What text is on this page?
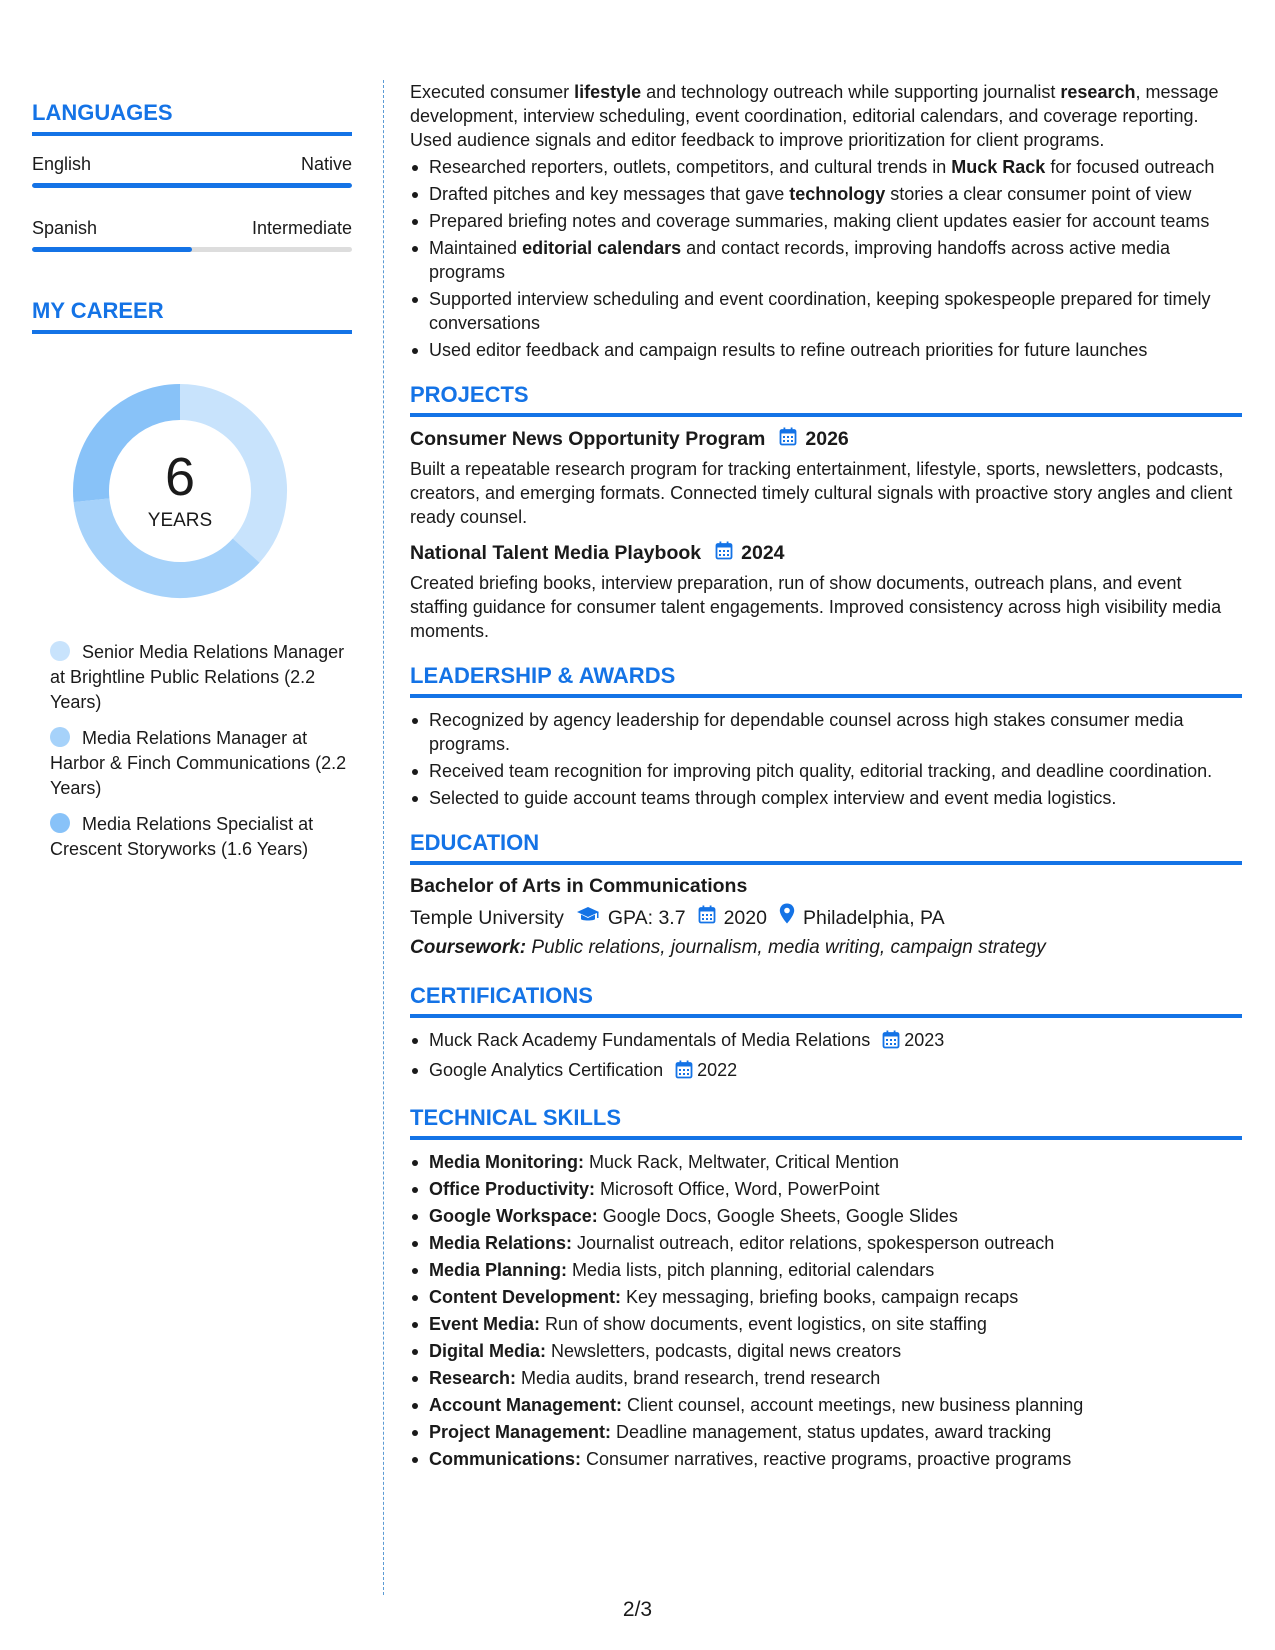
LANGUAGES
English	Native
Spanish	Intermediate
MY CAREER
6
YEARS
Senior Media Relations Manager at Brightline Public Relations (2.2 Years)
Media Relations Manager at Harbor & Finch Communications (2.2 Years)
Media Relations Specialist at Crescent Storyworks (1.6 Years)
Executed consumer lifestyle and technology outreach while supporting journalist research, message development, interview scheduling, event coordination, editorial calendars, and coverage reporting. Used audience signals and editor feedback to improve prioritization for client programs.
Researched reporters, outlets, competitors, and cultural trends in Muck Rack for focused outreach
Drafted pitches and key messages that gave technology stories a clear consumer point of view
Prepared briefing notes and coverage summaries, making client updates easier for account teams
Maintained editorial calendars and contact records, improving handoffs across active media programs
Supported interview scheduling and event coordination, keeping spokespeople prepared for timely conversations
Used editor feedback and campaign results to refine outreach priorities for future launches
PROJECTS
Consumer News Opportunity Program 2026
Built a repeatable research program for tracking entertainment, lifestyle, sports, newsletters, podcasts, creators, and emerging formats. Connected timely cultural signals with proactive story angles and client ready counsel.
National Talent Media Playbook 2024
Created briefing books, interview preparation, run of show documents, outreach plans, and event staffing guidance for consumer talent engagements. Improved consistency across high visibility media moments.
LEADERSHIP & AWARDS
Recognized by agency leadership for dependable counsel across high stakes consumer media programs.
Received team recognition for improving pitch quality, editorial tracking, and deadline coordination.
Selected to guide account teams through complex interview and event media logistics.
EDUCATION
Bachelor of Arts in Communications
Temple University GPA: 3.7 2020 Philadelphia, PA
Coursework: Public relations, journalism, media writing, campaign strategy
CERTIFICATIONS
Muck Rack Academy Fundamentals of Media Relations 2023
Google Analytics Certification 2022
TECHNICAL SKILLS
Media Monitoring: Muck Rack, Meltwater, Critical Mention
Office Productivity: Microsoft Office, Word, PowerPoint
Google Workspace: Google Docs, Google Sheets, Google Slides
Media Relations: Journalist outreach, editor relations, spokesperson outreach
Media Planning: Media lists, pitch planning, editorial calendars
Content Development: Key messaging, briefing books, campaign recaps
Event Media: Run of show documents, event logistics, on site staffing
Digital Media: Newsletters, podcasts, digital news creators
Research: Media audits, brand research, trend research
Account Management: Client counsel, account meetings, new business planning
Project Management: Deadline management, status updates, award tracking
Communications: Consumer narratives, reactive programs, proactive programs
2/3
